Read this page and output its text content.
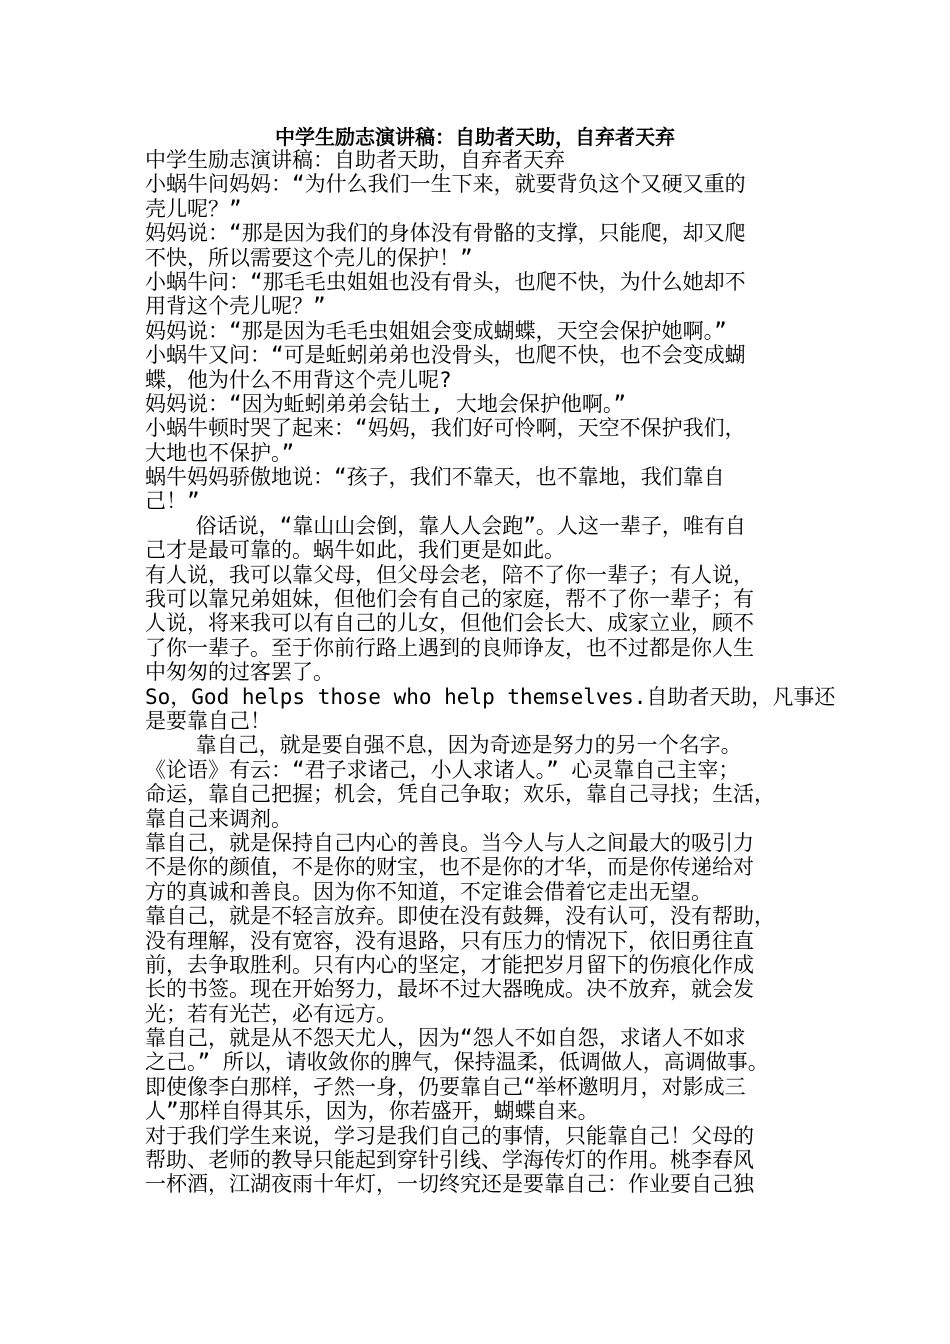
中学生励志演讲稿：自助者天助，自弃者天弃
中学生励志演讲稿：自助者天助，自弃者天弃
小蜗牛问妈妈：“为什么我们一生下来，就要背负这个又硬又重的
壳儿呢？”
妈妈说：“那是因为我们的身体没有骨骼的支撑，只能爬，却又爬
不快，所以需要这个壳儿的保护！”
小蜗牛问：“那毛毛虫姐姐也没有骨头，也爬不快，为什么她却不
用背这个壳儿呢？”
妈妈说：“那是因为毛毛虫姐姐会变成蝴蝶，天空会保护她啊。”
小蜗牛又问：“可是蚯蚓弟弟也没骨头，也爬不快，也不会变成蝴
蝶，他为什么不用背这个壳儿呢?
妈妈说：“因为蚯蚓弟弟会钻土, 大地会保护他啊。”
小蜗牛顿时哭了起来：“妈妈，我们好可怜啊，天空不保护我们，
大地也不保护。”
蜗牛妈妈骄傲地说：“孩子，我们不靠天，也不靠地，我们靠自
己！”
俗话说，“靠山山会倒，靠人人会跑”。人这一辈子，唯有自
己才是最可靠的。蜗牛如此，我们更是如此。
有人说，我可以靠父母，但父母会老，陪不了你一辈子；有人说，
我可以靠兄弟姐妹，但他们会有自己的家庭，帮不了你一辈子；有
人说，将来我可以有自己的儿女，但他们会长大、成家立业，顾不
了你一辈子。至于你前行路上遇到的良师诤友，也不过都是你人生
中匆匆的过客罢了。
So，God helps those who help themselves.自助者天助，凡事还
是要靠自己！
靠自己，就是要自强不息，因为奇迹是努力的另一个名字。
《论语》有云：“君子求诸己，小人求诸人。” 心灵靠自己主宰；
命运，靠自己把握；机会，凭自己争取；欢乐，靠自己寻找；生活，
靠自己来调剂。
靠自己，就是保持自己内心的善良。当今人与人之间最大的吸引力
不是你的颜值，不是你的财宝，也不是你的才华，而是你传递给对
方的真诚和善良。因为你不知道，不定谁会借着它走出无望。
靠自己，就是不轻言放弃。即使在没有鼓舞，没有认可，没有帮助，
没有理解，没有宽容，没有退路，只有压力的情况下，依旧勇往直
前，去争取胜利。只有内心的坚定，才能把岁月留下的伤痕化作成
长的书签。现在开始努力，最坏不过大器晚成。决不放弃，就会发
光；若有光芒，必有远方。
靠自己，就是从不怨天尤人，因为“怨人不如自怨，求诸人不如求
之己。” 所以，请收敛你的脾气，保持温柔，低调做人，高调做事。
即使像李白那样，孑然一身，仍要靠自己“举杯邀明月，对影成三
人”那样自得其乐，因为，你若盛开，蝴蝶自来。
对于我们学生来说，学习是我们自己的事情，只能靠自己！父母的
帮助、老师的教导只能起到穿针引线、学海传灯的作用。桃李春风
一杯酒，江湖夜雨十年灯，一切终究还是要靠自己：作业要自己独
